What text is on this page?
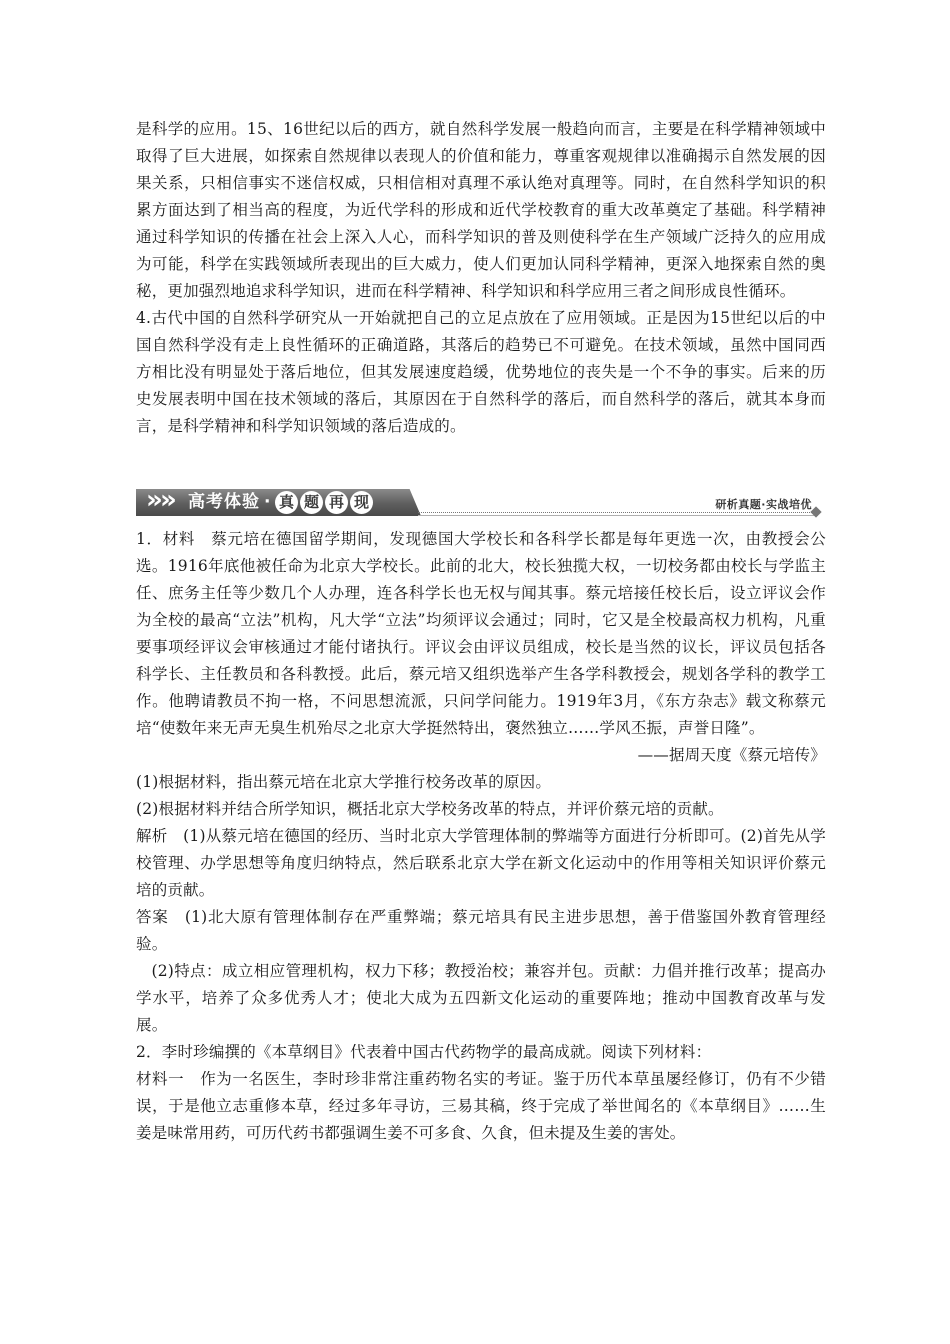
是科学的应用。15、16世纪以后的西方，就自然科学发展一般趋向而言，主要是在科学精神领域中取得了巨大进展，如探索自然规律以表现人的价值和能力，尊重客观规律以准确揭示自然发展的因果关系，只相信事实不迷信权威，只相信相对真理不承认绝对真理等。同时，在自然科学知识的积累方面达到了相当高的程度，为近代学科的形成和近代学校教育的重大改革奠定了基础。科学精神通过科学知识的传播在社会上深入人心，而科学知识的普及则使科学在生产领域广泛持久的应用成为可能，科学在实践领域所表现出的巨大威力，使人们更加认同科学精神，更深入地探索自然的奥秘，更加强烈地追求科学知识，进而在科学精神、科学知识和科学应用三者之间形成良性循环。

4.古代中国的自然科学研究从一开始就把自己的立足点放在了应用领域。正是因为15世纪以后的中国自然科学没有走上良性循环的正确道路，其落后的趋势已不可避免。在技术领域，虽然中国同西方相比没有明显处于落后地位，但其发展速度趋缓，优势地位的丧失是一个不争的事实。后来的历史发展表明中国在技术领域的落后，其原因在于自然科学的落后，而自然科学的落后，就其本身而言，是科学精神和科学知识领域的落后造成的。

»
» 高考体验 · 真 题 再 现	研析真题·实战培优

1．材料　蔡元培在德国留学期间，发现德国大学校长和各科学长都是每年更选一次，由教授会公选。1916年底他被任命为北京大学校长。此前的北大，校长独揽大权，一切校务都由校长与学监主任、庶务主任等少数几个人办理，连各科学长也无权与闻其事。蔡元培接任校长后，设立评议会作为全校的最高“立法”机构，凡大学“立法”均须评议会通过；同时，它又是全校最高权力机构，凡重要事项经评议会审核通过才能付诸执行。评议会由评议员组成，校长是当然的议长，评议员包括各科学长、主任教员和各科教授。此后，蔡元培又组织选举产生各学科教授会，规划各学科的教学工作。他聘请教员不拘一格，不问思想流派，只问学问能力。1919年3月，《东方杂志》载文称蔡元培“使数年来无声无臭生机殆尽之北京大学挺然特出，褒然独立……学风丕振，声誉日隆”。

——据周天度《蔡元培传》

(1)根据材料，指出蔡元培在北京大学推行校务改革的原因。

(2)根据材料并结合所学知识，概括北京大学校务改革的特点，并评价蔡元培的贡献。

解析　(1)从蔡元培在德国的经历、当时北京大学管理体制的弊端等方面进行分析即可。(2)首先从学校管理、办学思想等角度归纳特点，然后联系北京大学在新文化运动中的作用等相关知识评价蔡元培的贡献。

答案　(1)北大原有管理体制存在严重弊端；蔡元培具有民主进步思想，善于借鉴国外教育管理经验。

(2)特点：成立相应管理机构，权力下移；教授治校；兼容并包。贡献：力倡并推行改革；提高办学水平，培养了众多优秀人才；使北大成为五四新文化运动的重要阵地；推动中国教育改革与发展。

2．李时珍编撰的《本草纲目》代表着中国古代药物学的最高成就。阅读下列材料：

材料一　作为一名医生，李时珍非常注重药物名实的考证。鉴于历代本草虽屡经修订，仍有不少错误，于是他立志重修本草，经过多年寻访，三易其稿，终于完成了举世闻名的《本草纲目》……生姜是味常用药，可历代药书都强调生姜不可多食、久食，但未提及生姜的害处。
